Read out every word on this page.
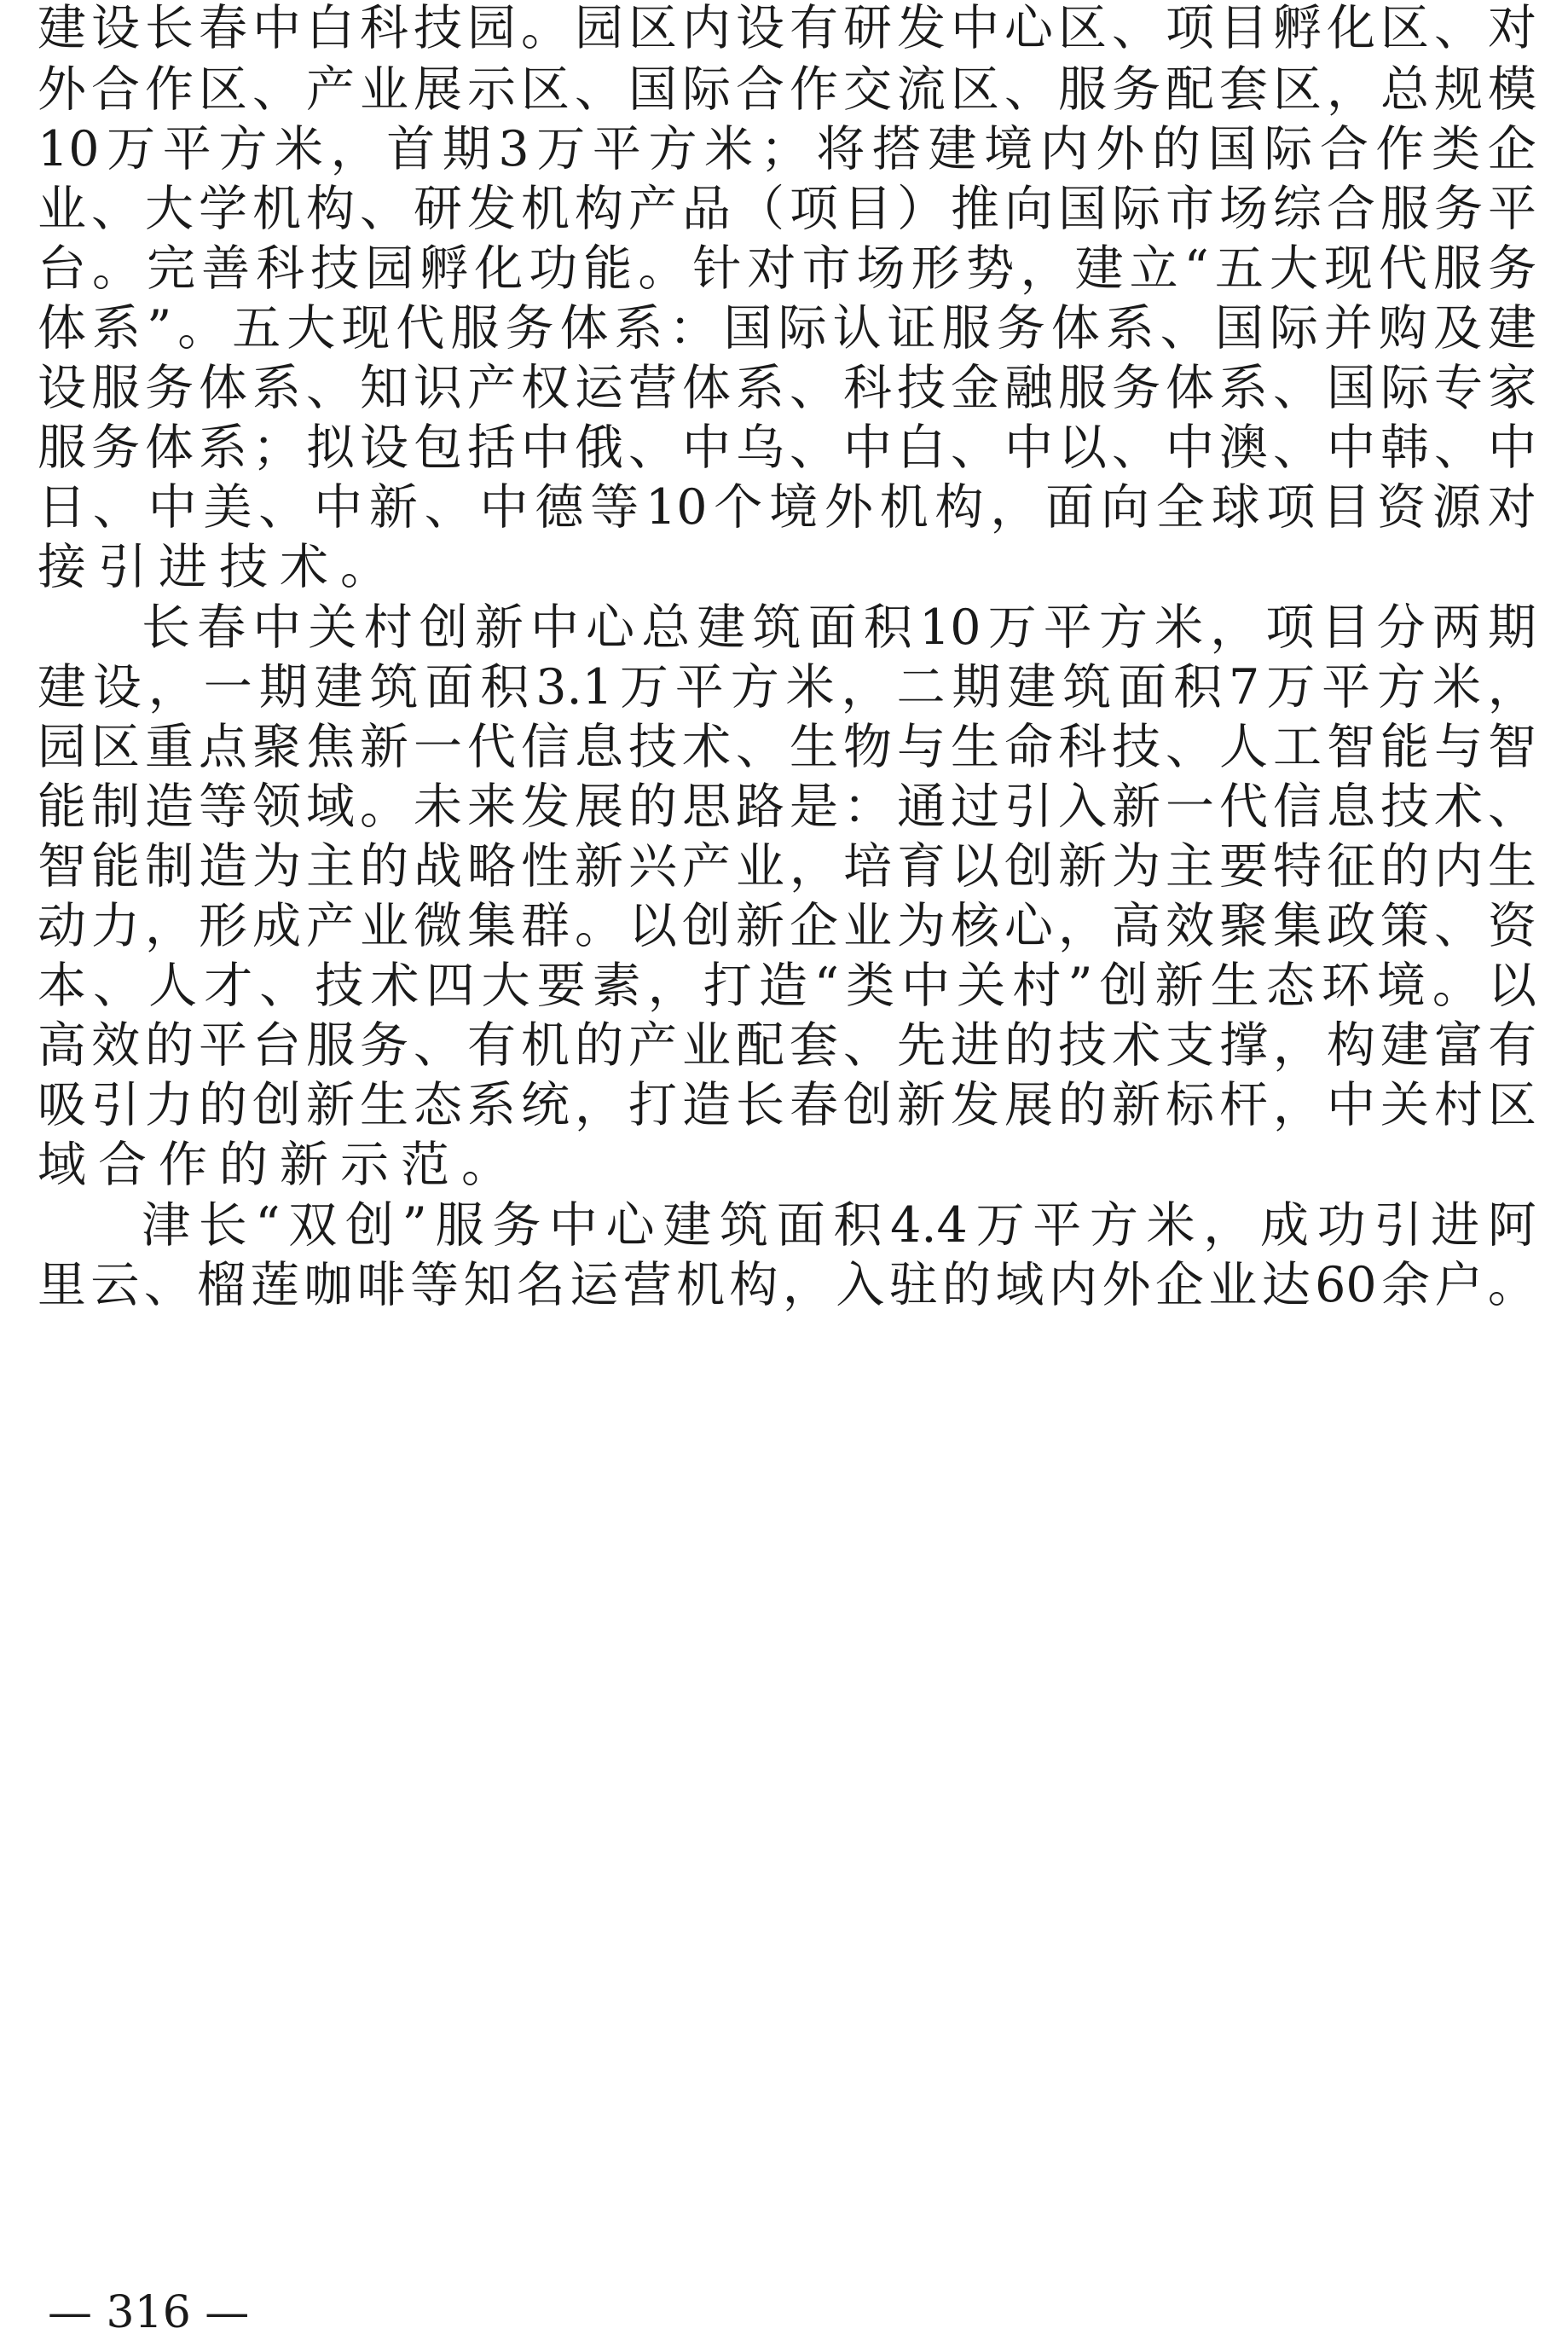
建 设 长 春 中 白 科 技 园 。 园 区 内 设 有 研 发 中 心 区 、 项 目 孵 化 区 、 对
外 合 作 区 、 产 业 展 示 区 、 国 际 合 作 交 流 区 、 服 务 配 套 区 ， 总 规 模
10 万 平 方 米 ， 首 期 3 万 平 方 米 ； 将 搭 建 境 内 外 的 国 际 合 作 类 企
业 、 大 学 机 构 、 研 发 机 构 产 品 （ 项 目 ） 推 向 国 际 市 场 综 合 服 务 平
台 。 完 善 科 技 园 孵 化 功 能 。 针 对 市 场 形 势 ， 建 立 “ 五 大 现 代 服 务
体 系 ” 。 五 大 现 代 服 务 体 系 ： 国 际 认 证 服 务 体 系 、 国 际 并 购 及 建
设 服 务 体 系 、 知 识 产 权 运 营 体 系 、 科 技 金 融 服 务 体 系 、 国 际 专 家
服 务 体 系 ； 拟 设 包 括 中 俄 、 中 乌 、 中 白 、 中 以 、 中 澳 、 中 韩 、 中
日 、 中 美 、 中 新 、 中 德 等 10 个 境 外 机 构 ， 面 向 全 球 项 目 资 源 对
接引进技术。
长 春 中 关 村 创 新 中 心 总 建 筑 面 积 10 万 平 方 米 ， 项 目 分 两 期
建 设 ， 一 期 建 筑 面 积 3.1 万 平 方 米 ， 二 期 建 筑 面 积 7 万 平 方 米 ，
园 区 重 点 聚 焦 新 一 代 信 息 技 术 、 生 物 与 生 命 科 技 、 人 工 智 能 与 智
能 制 造 等 领 域 。 未 来 发 展 的 思 路 是 ： 通 过 引 入 新 一 代 信 息 技 术 、
智 能 制 造 为 主 的 战 略 性 新 兴 产 业 ， 培 育 以 创 新 为 主 要 特 征 的 内 生
动 力 ， 形 成 产 业 微 集 群 。 以 创 新 企 业 为 核 心 ， 高 效 聚 集 政 策 、 资
本 、 人 才 、 技 术 四 大 要 素 ， 打 造 “ 类 中 关 村 ” 创 新 生 态 环 境 。 以
高 效 的 平 台 服 务 、 有 机 的 产 业 配 套 、 先 进 的 技 术 支 撑 ， 构 建 富 有
吸 引 力 的 创 新 生 态 系 统 ， 打 造 长 春 创 新 发 展 的 新 标 杆 ， 中 关 村 区
域合作的新示范。
津 长 “ 双 创 ” 服 务 中 心 建 筑 面 积 4.4 万 平 方 米 ， 成 功 引 进 阿
里 云 、 榴 莲 咖 啡 等 知 名 运 营 机 构 ， 入 驻 的 域 内 外 企 业 达 60 余 户 。
— 316 —
